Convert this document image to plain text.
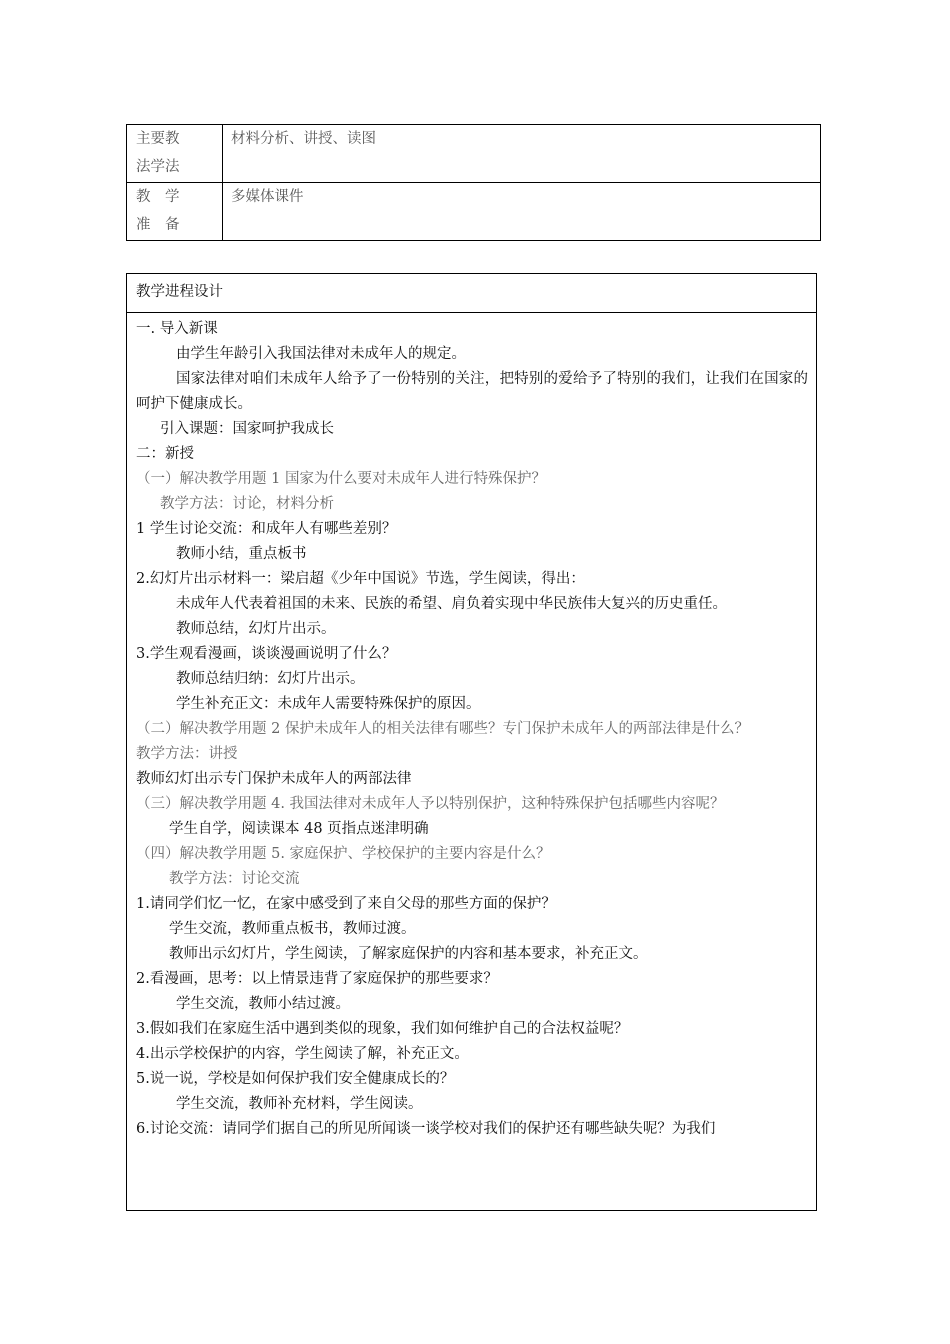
主要教法学法	材料分析、讲授、读图

教　学
准　备	多媒体课件
教学进程设计
一. 导入新课
由学生年龄引入我国法律对未成年人的规定。
国家法律对咱们未成年人给予了一份特别的关注，把特别的爱给予了特别的我们，让我们在国家的呵护下健康成长。
引入课题：国家呵护我成长
二：新授
（一）解决教学用题 1 国家为什么要对未成年人进行特殊保护？
教学方法：讨论，材料分析
1 学生讨论交流：和成年人有哪些差别？
教师小结，重点板书
2.幻灯片出示材料一：梁启超《少年中国说》节选，学生阅读，得出：
未成年人代表着祖国的未来、民族的希望、肩负着实现中华民族伟大复兴的历史重任。
教师总结，幻灯片出示。
3.学生观看漫画，谈谈漫画说明了什么？
教师总结归纳：幻灯片出示。
学生补充正文：未成年人需要特殊保护的原因。
（二）解决教学用题 2 保护未成年人的相关法律有哪些？专门保护未成年人的两部法律是什么？
教学方法：讲授
教师幻灯出示专门保护未成年人的两部法律
（三）解决教学用题 4. 我国法律对未成年人予以特别保护，这种特殊保护包括哪些内容呢？
学生自学，阅读课本 48 页指点迷津明确
（四）解决教学用题 5. 家庭保护、学校保护的主要内容是什么？
教学方法：讨论交流
1.请同学们忆一忆，在家中感受到了来自父母的那些方面的保护？
学生交流，教师重点板书，教师过渡。
教师出示幻灯片，学生阅读，了解家庭保护的内容和基本要求，补充正文。
2.看漫画，思考：以上情景违背了家庭保护的那些要求？
学生交流，教师小结过渡。
3.假如我们在家庭生活中遇到类似的现象，我们如何维护自己的合法权益呢？
4.出示学校保护的内容，学生阅读了解，补充正文。
5.说一说，学校是如何保护我们安全健康成长的？
学生交流，教师补充材料，学生阅读。
6.讨论交流：请同学们据自己的所见所闻谈一谈学校对我们的保护还有哪些缺失呢？为我们
